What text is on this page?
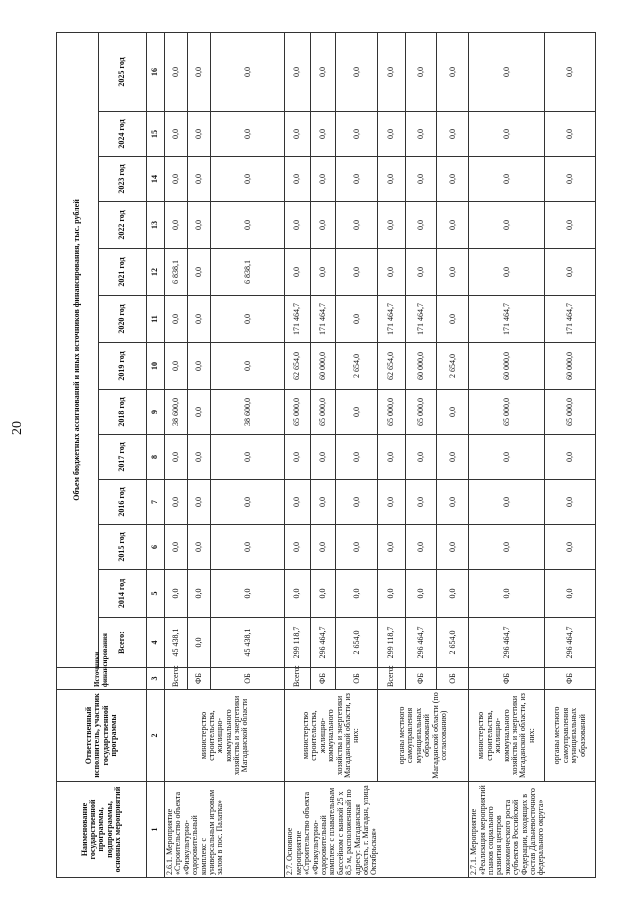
20
Наименование государственной программы, подпрограммы, основных мероприятий	Ответственный исполнитель, участник государственной программы	Источники финансирования	Объем бюджетных ассигнований и иных источников финансирования, тыс. рублей												
			Всего:	2014 год	2015 год	2016 год	2017 год	2018 год	2019 год	2020 год	2021 год	2022 год	2023 год	2024 год	2025 год
1	2	3	4	5	6	7	8	9	10	11	12	13	14	15	16
2.6.1. Мероприятие «Строительство объекта «Физкультурно-оздоровительный комплекс с универсальным игровым залом в пос. Палатка»	министерство строительства, жилищно-коммунального хозяйства и энергетики Магаданской области	Всего:	45 438,1	0,0	0,0	0,0	0,0	38 600,0	0,0	0,0	6 838,1	0,0	0,0	0,0	0,0
		ФБ	0,0	0,0	0,0	0,0	0,0	0,0	0,0	0,0	0,0	0,0	0,0	0,0	0,0
		ОБ	45 438,1	0,0	0,0	0,0	0,0	38 600,0	0,0	0,0	6 838,1	0,0	0,0	0,0	0,0
2.7. Основное мероприятие «Строительство объекта «Физкультурно-оздоровительный комплекс с плавательным бассейном с ванной 25 х 8,5 м, расположенный по адресу: Магаданская область, г. Магадан, улица Октябрьская»	министерство строительства, жилищно-коммунального хозяйства и энергетики Магаданской области, из них:	Всего:	299 118,7	0,0	0,0	0,0	0,0	65 000,0	62 654,0	171 464,7	0,0	0,0	0,0	0,0	0,0
		ФБ	296 464,7	0,0	0,0	0,0	0,0	65 000,0	60 000,0	171 464,7	0,0	0,0	0,0	0,0	0,0
		ОБ	2 654,0	0,0	0,0	0,0	0,0	0,0	2 654,0	0,0	0,0	0,0	0,0	0,0	0,0
	органы местного самоуправления муниципальных образований Магаданской области (по согласованию)	Всего:	299 118,7	0,0	0,0	0,0	0,0	65 000,0	62 654,0	171 464,7	0,0	0,0	0,0	0,0	0,0
		ФБ	296 464,7	0,0	0,0	0,0	0,0	65 000,0	60 000,0	171 464,7	0,0	0,0	0,0	0,0	0,0
		ОБ	2 654,0	0,0	0,0	0,0	0,0	0,0	2 654,0	0,0	0,0	0,0	0,0	0,0	0,0
2.7.1. Мероприятие «Реализация мероприятий планов социального развития центров экономического роста субъектов Российской Федерации, входящих в состав Дальневосточного федерального округа»	министерство строительства, жилищно-коммунального хозяйства и энергетики Магаданской области, из них:	ФБ	296 464,7	0,0	0,0	0,0	0,0	65 000,0	60 000,0	171 464,7	0,0	0,0	0,0	0,0	0,0
	органы местного самоуправления муниципальных образований	ФБ	296 464,7	0,0	0,0	0,0	0,0	65 000,0	60 000,0	171 464,7	0,0	0,0	0,0	0,0	0,0
